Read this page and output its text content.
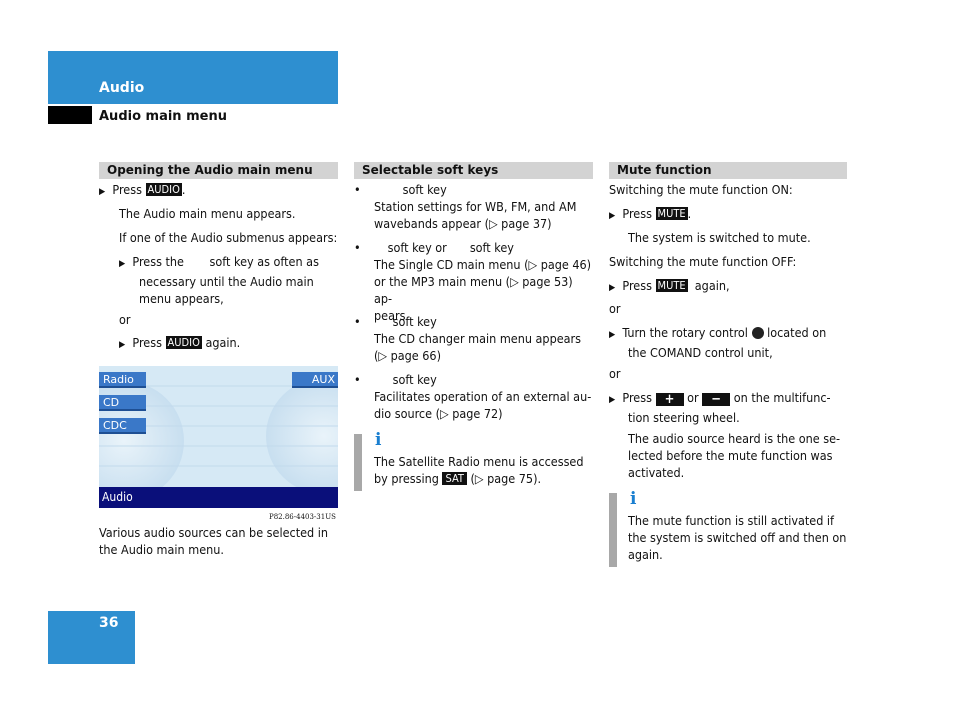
Audio
Audio main menu
Opening the Audio main menu
▶ Press AUDIO .
The Audio main menu appears.
If one of the Audio submenus appears:
▶ Press the soft key as often as
necessary until the Audio main
menu appears,
or
▶ Press AUDIO again.
Radio
CD
CDC
AUX
Audio
P82.86-4403-31US
Various audio sources can be selected in
the Audio main menu.
Selectable soft keys
•	soft key
Station settings for WB, FM, and AM
wavebands appear (▷ page 37)
• soft key or soft key
The Single CD main menu (▷ page 46)
or the MP3 main menu (▷ page 53) ap-
pears
•	soft key
The CD changer main menu appears
(▷ page 66)
•	soft key
Facilitates operation of an external au-
dio source (▷ page 72)
i
The Satellite Radio menu is accessed
by pressing SAT (▷ page 75).
Mute function
Switching the mute function ON:
▶ Press MUTE .
The system is switched to mute.
Switching the mute function OFF:
▶ Press MUTE again,
or
▶ Turn the rotary control located on
the COMAND control unit,
or
▶ Press + or − on the multifunc-
tion steering wheel.
The audio source heard is the one se-
lected before the mute function was
activated.
i
The mute function is still activated if
the system is switched off and then on
again.
36
